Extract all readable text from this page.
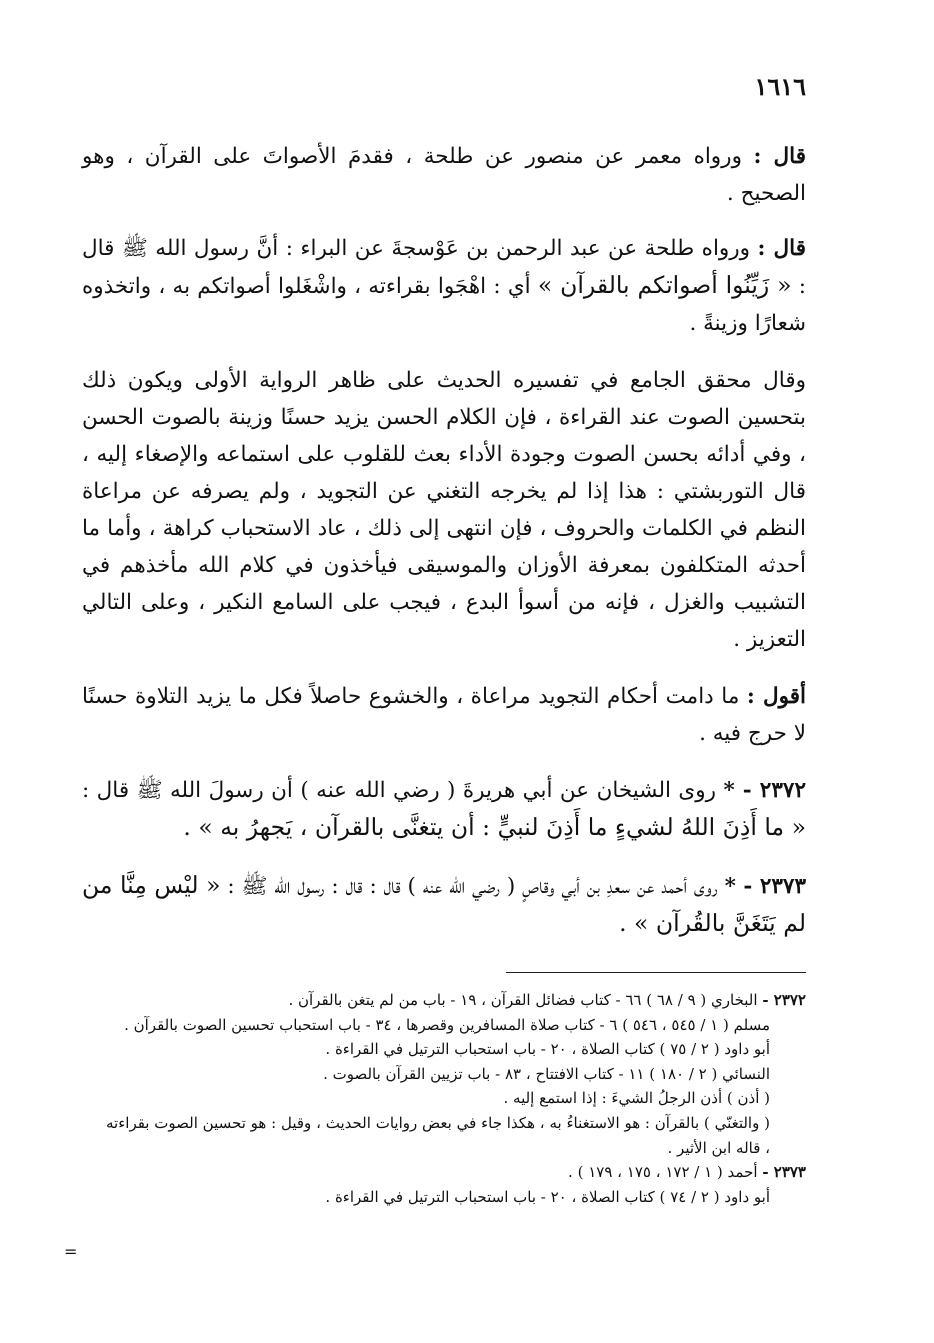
١٦١٦

قال : ورواه معمر عن منصور عن طلحة ، فقدمَ الأصواتَ على القرآن ، وهو الصحيح .

قال : ورواه طلحة عن عبد الرحمن بن عَوْسجةَ عن البراء : أنَّ رسول الله ﷺ قال : « زَيِّنُوا أصواتكم بالقرآن » أي : اهْجَوا بقراءته ، واشْغَلوا أصواتكم به ، واتخذوه شعارًا وزينةً .

وقال محقق الجامع في تفسيره الحديث على ظاهر الرواية الأولى ويكون ذلك بتحسين الصوت عند القراءة ، فإن الكلام الحسن يزيد حسنًا وزينة بالصوت الحسن ، وفي أدائه بحسن الصوت وجودة الأداء بعث للقلوب على استماعه والإصغاء إليه ، قال التوربشتي : هذا إذا لم يخرجه التغني عن التجويد ، ولم يصرفه عن مراعاة النظم في الكلمات والحروف ، فإن انتهى إلى ذلك ، عاد الاستحباب كراهة ، وأما ما أحدثه المتكلفون بمعرفة الأوزان والموسيقى فيأخذون في كلام الله مأخذهم في التشبيب والغزل ، فإنه من أسوأ البدع ، فيجب على السامع النكير ، وعلى التالي التعزيز .

أقول : ما دامت أحكام التجويد مراعاة ، والخشوع حاصلاً فكل ما يزيد التلاوة حسنًا لا حرج فيه .

٢٣٧٢ - * روى الشيخان عن أبي هريرةَ ( رضي الله عنه ) أن رسولَ الله ﷺ قال : « ما أَذِنَ اللهُ لشيءٍ ما أَذِنَ لنبيٍّ : أن يتغنَّى بالقرآن ، يَجهرُ به » .

٢٣٧٣ - * روى أحمد عن سعدِ بن أبي وقاصٍ ( رضي الله عنه ) قال : قال : رسول الله ﷺ : « ليْس مِنَّا من لم يَتَغَنَّ بالقُرآن » .

٢٣٧٢ - البخاري ( ٩ / ٦٨ ) ٦٦ - كتاب فضائل القرآن ، ١٩ - باب من لم يتغن بالقرآن .

مسلم ( ١ / ٥٤٥ ، ٥٤٦ ) ٦ - كتاب صلاة المسافرين وقصرها ، ٣٤ - باب استحباب تحسين الصوت بالقرآن .

أبو داود ( ٢ / ٧٥ ) كتاب الصلاة ، ٢٠ - باب استحباب الترتيل في القراءة .

النسائي ( ٢ / ١٨٠ ) ١١ - كتاب الافتتاح ، ٨٣ - باب تزيين القرآن بالصوت .

( أذن ) أذن الرجلُ الشيءَ : إذا استمع إليه .

( والتغنّي ) بالقرآن : هو الاستغناءُ به ، هكذا جاء في بعض روايات الحديث ، وقيل : هو تحسين الصوت بقراءته ، قاله ابن الأثير .

٢٣٧٣ - أحمد ( ١ / ١٧٢ ، ١٧٥ ، ١٧٩ ) .

أبو داود ( ٢ / ٧٤ ) كتاب الصلاة ، ٢٠ - باب استحباب الترتيل في القراءة .

=
